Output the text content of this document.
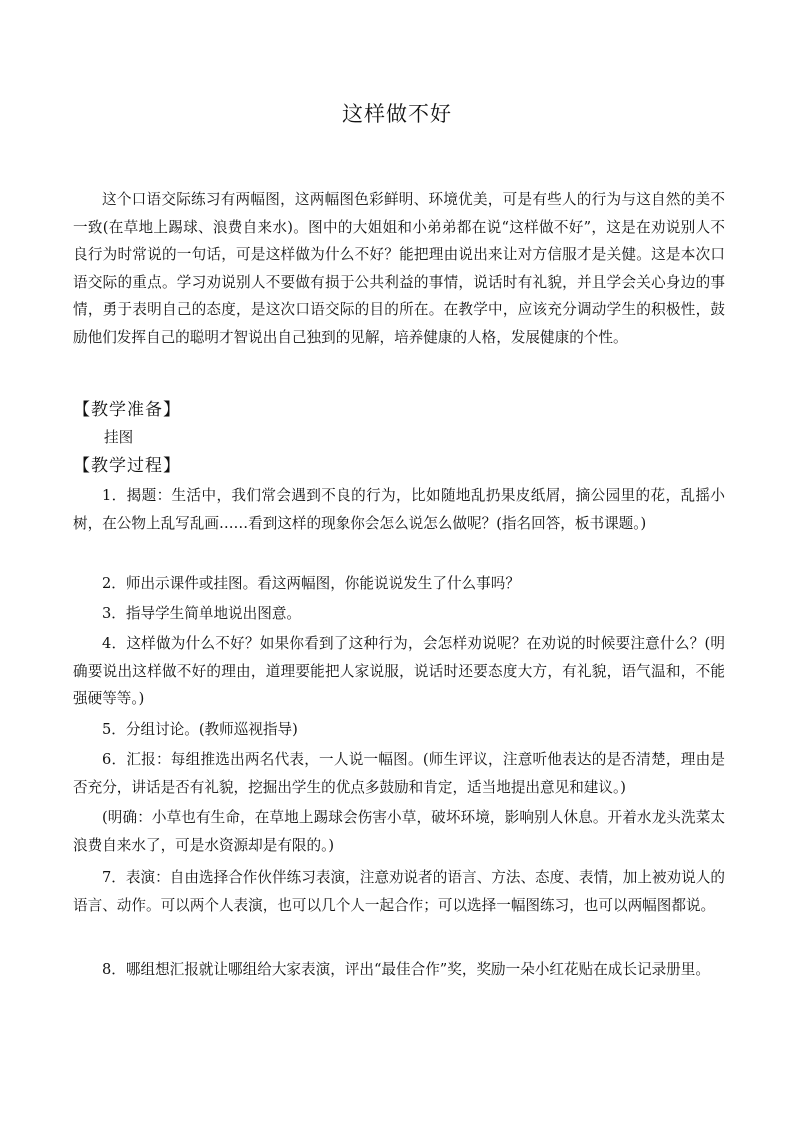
这样做不好

这个口语交际练习有两幅图，这两幅图色彩鲜明、环境优美，可是有些人的行为与这自然的美不一致(在草地上踢球、浪费自来水)。图中的大姐姐和小弟弟都在说“这样做不好”，这是在劝说别人不良行为时常说的一句话，可是这样做为什么不好？能把理由说出来让对方信服才是关健。这是本次口语交际的重点。学习劝说别人不要做有损于公共利益的事情，说话时有礼貌，并且学会关心身边的事情，勇于表明自己的态度，是这次口语交际的目的所在。在教学中，应该充分调动学生的积极性，鼓励他们发挥自己的聪明才智说出自己独到的见解，培养健康的人格，发展健康的个性。

【教学准备】
挂图
【教学过程】

1．揭题：生活中，我们常会遇到不良的行为，比如随地乱扔果皮纸屑，摘公园里的花，乱摇小树，在公物上乱写乱画……看到这样的现象你会怎么说怎么做呢？(指名回答，板书课题。)

2．师出示课件或挂图。看这两幅图，你能说说发生了什么事吗？

3．指导学生简单地说出图意。

4．这样做为什么不好？如果你看到了这种行为，会怎样劝说呢？在劝说的时候要注意什么？(明确要说出这样做不好的理由，道理要能把人家说服，说话时还要态度大方，有礼貌，语气温和，不能强硬等等。)

5．分组讨论。(教师巡视指导)

6．汇报：每组推选出两名代表，一人说一幅图。(师生评议，注意听他表达的是否清楚，理由是否充分，讲话是否有礼貌，挖掘出学生的优点多鼓励和肯定，适当地提出意见和建议。)

(明确：小草也有生命，在草地上踢球会伤害小草，破坏环境，影响别人休息。开着水龙头洗菜太浪费自来水了，可是水资源却是有限的。)

7．表演：自由选择合作伙伴练习表演，注意劝说者的语言、方法、态度、表情，加上被劝说人的语言、动作。可以两个人表演，也可以几个人一起合作；可以选择一幅图练习，也可以两幅图都说。

8．哪组想汇报就让哪组给大家表演，评出“最佳合作”奖，奖励一朵小红花贴在成长记录册里。
